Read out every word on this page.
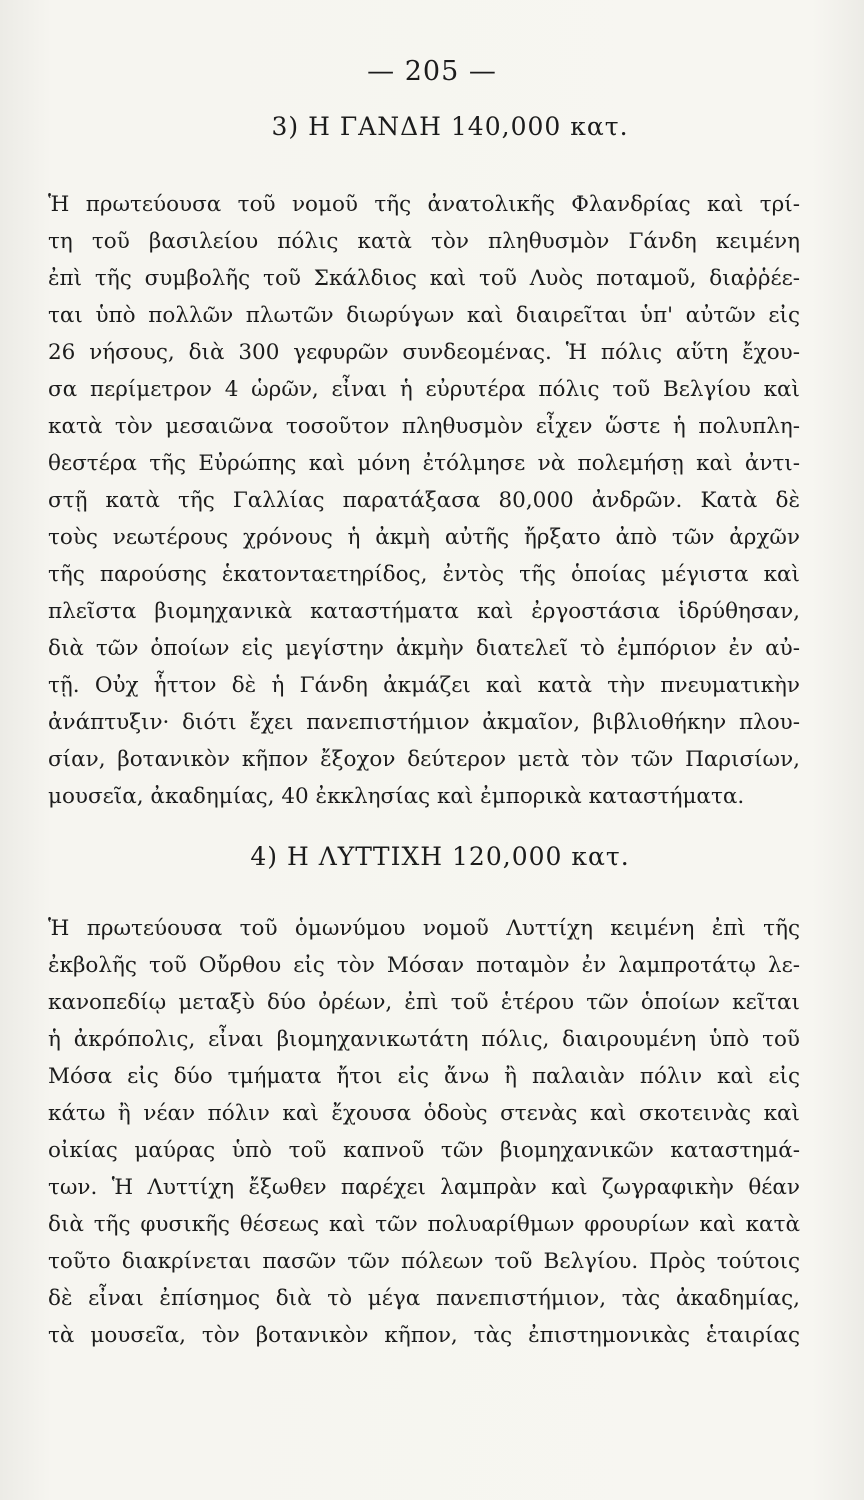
— 205 —
3) Η ΓΑΝΔΗ 140,000 κατ.
Ἡ πρωτεύουσα τοῦ νομοῦ τῆς ἀνατολικῆς Φλανδρίας καὶ τρί-
τη τοῦ βασιλείου πόλις κατὰ τὸν πληθυσμὸν Γάνδη κειμένη
ἐπὶ τῆς συμβολῆς τοῦ Σκάλδιος καὶ τοῦ Λυὸς ποταμοῦ, διαῤῥέε-
ται ὑπὸ πολλῶν πλωτῶν διωρύγων καὶ διαιρεῖται ὑπ' αὐτῶν εἰς
26 νήσους, διὰ 300 γεφυρῶν συνδεομένας. Ἡ πόλις αὕτη ἔχου-
σα περίμετρον 4 ὡρῶν, εἶναι ἡ εὐρυτέρα πόλις τοῦ Βελγίου καὶ
κατὰ τὸν μεσαιῶνα τοσοῦτον πληθυσμὸν εἶχεν ὥστε ἡ πολυπλη-
θεστέρα τῆς Εὐρώπης καὶ μόνη ἐτόλμησε νὰ πολεμήσῃ καὶ ἀντι-
στῇ κατὰ τῆς Γαλλίας παρατάξασα 80,000 ἀνδρῶν. Κατὰ δὲ
τοὺς νεωτέρους χρόνους ἡ ἀκμὴ αὐτῆς ἤρξατο ἀπὸ τῶν ἀρχῶν
τῆς παρούσης ἑκατονταετηρίδος, ἐντὸς τῆς ὁποίας μέγιστα καὶ
πλεῖστα βιομηχανικὰ καταστήματα καὶ ἐργοστάσια ἱδρύθησαν,
διὰ τῶν ὁποίων εἰς μεγίστην ἀκμὴν διατελεῖ τὸ ἐμπόριον ἐν αὐ-
τῇ. Οὐχ ἧττον δὲ ἡ Γάνδη ἀκμάζει καὶ κατὰ τὴν πνευματικὴν
ἀνάπτυξιν· διότι ἔχει πανεπιστήμιον ἀκμαῖον, βιβλιοθήκην πλου-
σίαν, βοτανικὸν κῆπον ἔξοχον δεύτερον μετὰ τὸν τῶν Παρισίων,
μουσεῖα, ἀκαδημίας, 40 ἐκκλησίας καὶ ἐμπορικὰ καταστήματα.
4) Η ΛΥΤΤΙΧΗ 120,000 κατ.
Ἡ πρωτεύουσα τοῦ ὁμωνύμου νομοῦ Λυττίχη κειμένη ἐπὶ τῆς
ἐκβολῆς τοῦ Οὔρθου εἰς τὸν Μόσαν ποταμὸν ἐν λαμπροτάτῳ λε-
κανοπεδίῳ μεταξὺ δύο ὀρέων, ἐπὶ τοῦ ἑτέρου τῶν ὁποίων κεῖται
ἡ ἀκρόπολις, εἶναι βιομηχανικωτάτη πόλις, διαιρουμένη ὑπὸ τοῦ
Μόσα εἰς δύο τμήματα ἤτοι εἰς ἄνω ἢ παλαιὰν πόλιν καὶ εἰς
κάτω ἢ νέαν πόλιν καὶ ἔχουσα ὁδοὺς στενὰς καὶ σκοτεινὰς καὶ
οἰκίας μαύρας ὑπὸ τοῦ καπνοῦ τῶν βιομηχανικῶν καταστημά-
των. Ἡ Λυττίχη ἔξωθεν παρέχει λαμπρὰν καὶ ζωγραφικὴν θέαν
διὰ τῆς φυσικῆς θέσεως καὶ τῶν πολυαρίθμων φρουρίων καὶ κατὰ
τοῦτο διακρίνεται πασῶν τῶν πόλεων τοῦ Βελγίου. Πρὸς τούτοις
δὲ εἶναι ἐπίσημος διὰ τὸ μέγα πανεπιστήμιον, τὰς ἀκαδημίας,
τὰ μουσεῖα, τὸν βοτανικὸν κῆπον, τὰς ἐπιστημονικὰς ἑταιρίας
